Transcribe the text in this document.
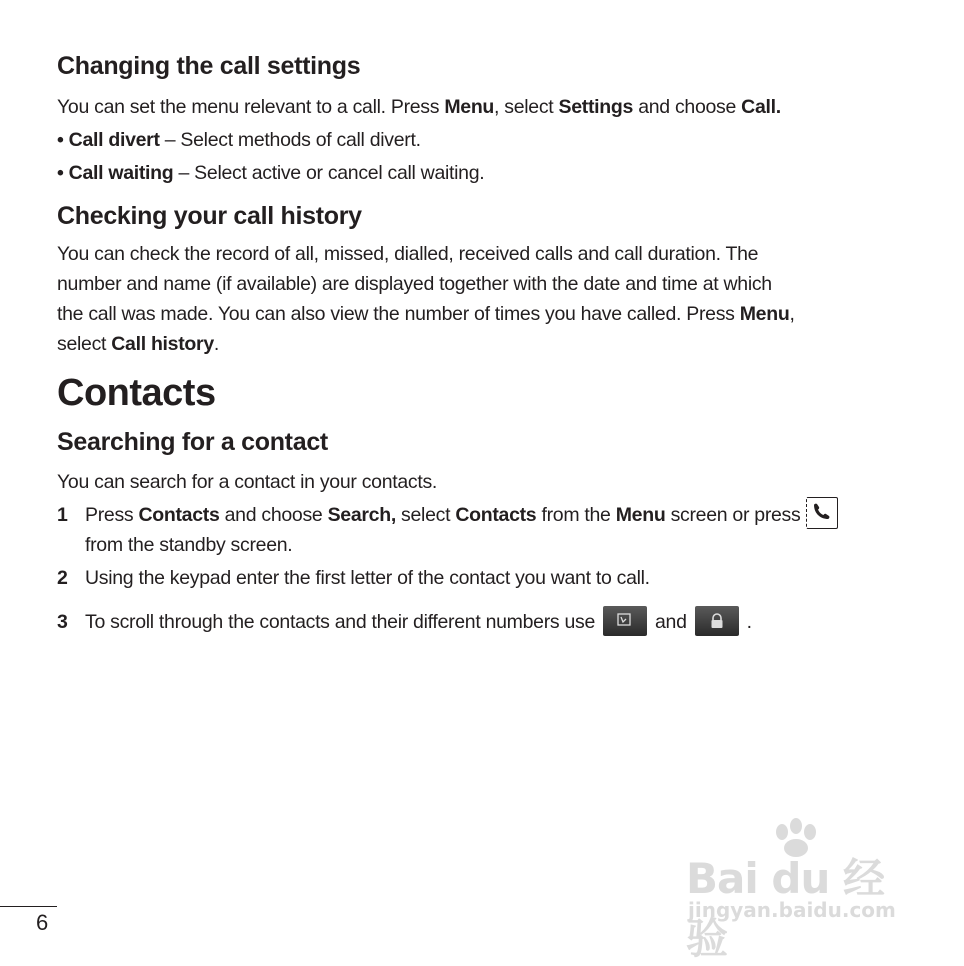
Changing the call settings

You can set the menu relevant to a call. Press Menu, select Settings and choose Call.

• Call divert – Select methods of call divert.

• Call waiting – Select active or cancel call waiting.

Checking your call history

You can check the record of all, missed, dialled, received calls and call duration. The

number and name (if available) are displayed together with the date and time at which

the call was made. You can also view the number of times you have called. Press Menu,

select Call history.

Contacts
Searching for a contact

You can search for a contact in your contacts.

1 Press Contacts and choose Search, select Contacts from the Menu screen or press
from the standby screen.
2 Using the keypad enter the first letter of the contact you want to call.
3 To scroll through the contacts and their different numbers use	and	.
6
Bai du 经验
jingyan.baidu.com
